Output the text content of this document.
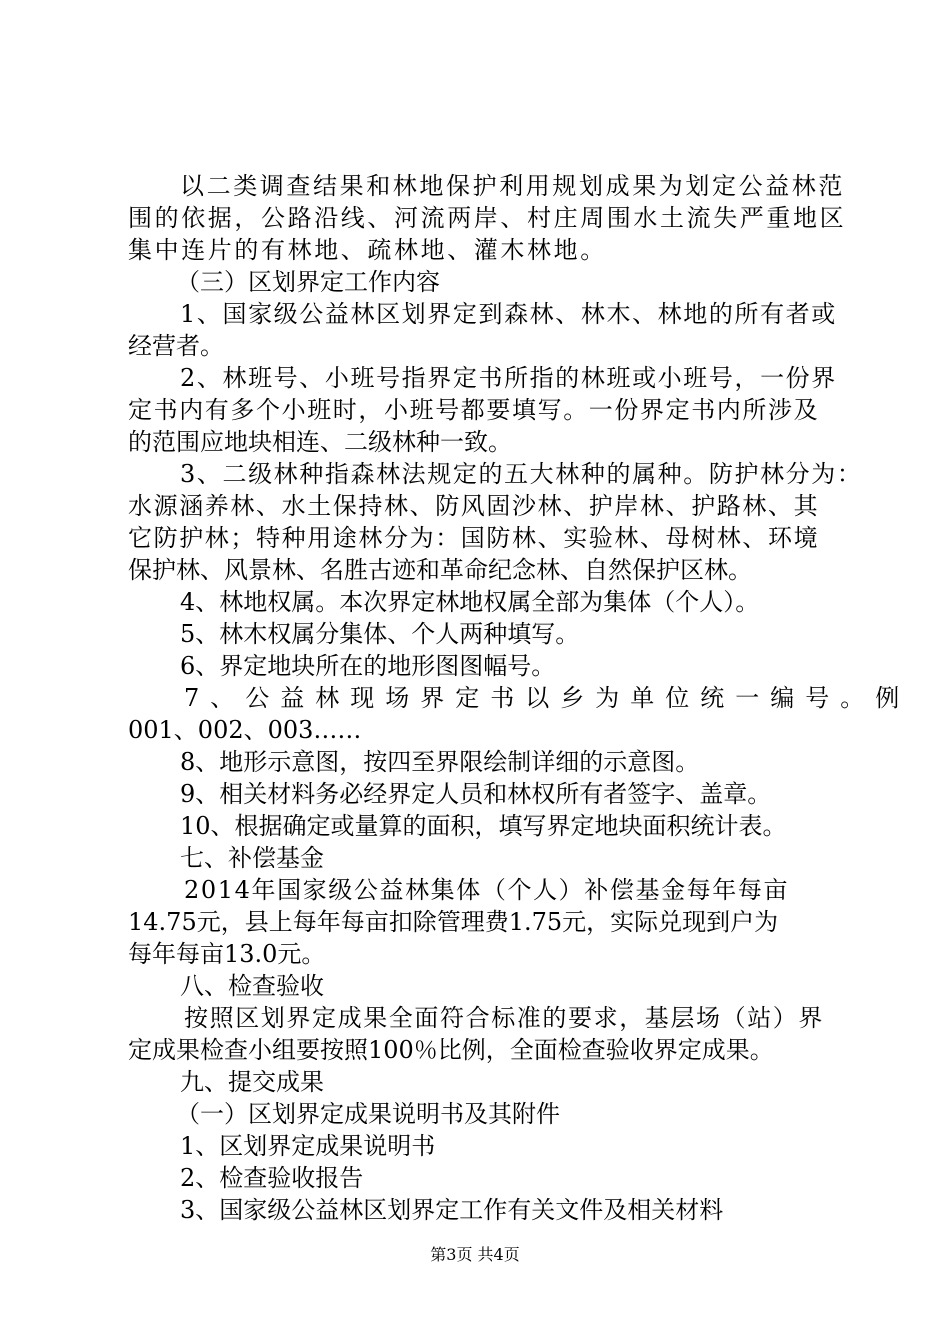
以二类调查结果和林地保护利用规划成果为划定公益林范
围的依据，公路沿线、河流两岸、村庄周围水土流失严重地区
集中连片的有林地、疏林地、灌木林地。
（三）区划界定工作内容
1、国家级公益林区划界定到森林、林木、林地的所有者或
经营者。
2、林班号、小班号指界定书所指的林班或小班号，一份界
定书内有多个小班时，小班号都要填写。一份界定书内所涉及
的范围应地块相连、二级林种一致。
3、二级林种指森林法规定的五大林种的属种。防护林分为：
水源涵养林、水土保持林、防风固沙林、护岸林、护路林、其
它防护林；特种用途林分为：国防林、实验林、母树林、环境
保护林、风景林、名胜古迹和革命纪念林、自然保护区林。
4、林地权属。本次界定林地权属全部为集体（个人）。
5、林木权属分集体、个人两种填写。
6、界定地块所在的地形图图幅号。
7、公益林现场界定书以乡为单位统一编号。例
001、002、003……
8、地形示意图，按四至界限绘制详细的示意图。
9、相关材料务必经界定人员和林权所有者签字、盖章。
10、根据确定或量算的面积，填写界定地块面积统计表。
七、补偿基金
2014年国家级公益林集体（个人）补偿基金每年每亩
14.75元，县上每年每亩扣除管理费1.75元，实际兑现到户为
每年每亩13.0元。
八、检查验收
按照区划界定成果全面符合标准的要求，基层场（站）界
定成果检查小组要按照100％比例，全面检查验收界定成果。
九、提交成果
（一）区划界定成果说明书及其附件
1、区划界定成果说明书
2、检查验收报告
3、国家级公益林区划界定工作有关文件及相关材料
第3页 共4页
